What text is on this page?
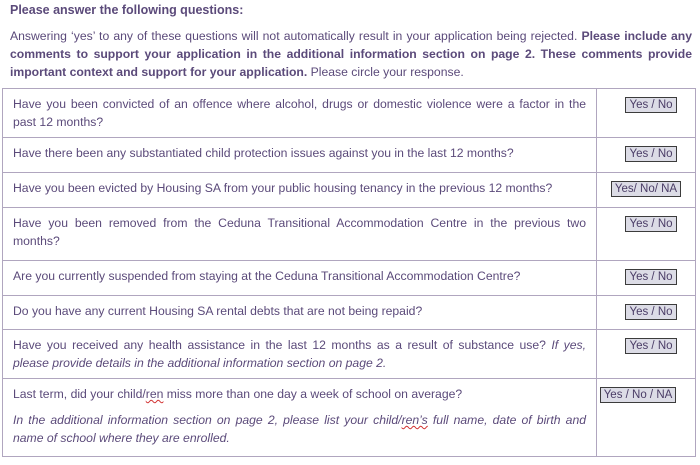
Please answer the following questions:
Answering ‘yes’ to any of these questions will not automatically result in your application being rejected. Please include any comments to support your application in the additional information section on page 2. These comments provide important context and support for your application. Please circle your response.
Have you been convicted of an offence where alcohol, drugs or domestic violence were a factor in the past 12 months?	Yes / No
Have there been any substantiated child protection issues against you in the last 12 months?	Yes / No
Have you been evicted by Housing SA from your public housing tenancy in the previous 12 months?	Yes/ No/ NA
Have you been removed from the Ceduna Transitional Accommodation Centre in the previous two months?	Yes / No
Are you currently suspended from staying at the Ceduna Transitional Accommodation Centre?	Yes / No
Do you have any current Housing SA rental debts that are not being repaid?	Yes / No
Have you received any health assistance in the last 12 months as a result of substance use? If yes, please provide details in the additional information section on page 2.	Yes / No

Last term, did your child/ren miss more than one day a week of school on average?
In the additional information section on page 2, please list your child/ren’s full name, date of birth and name of school where they are enrolled.	Yes / No / NA
